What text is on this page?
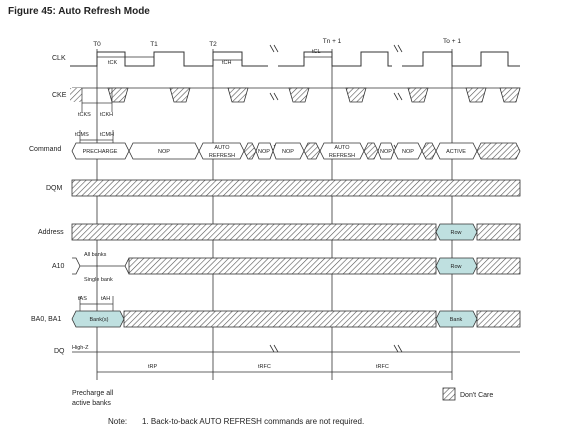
Figure 45: Auto Refresh Mode
T0	T1	T2	Tn + 1	To + 1
CLK
CKE
Command
DQM
Address
A10
BA0, BA1
DQ
tCK	tCH
tCL
tCKS tCKH
tCMS tCMH
tAS	tAH
tRP	tRFC	tRFC
PRECHARGE	NOP
AUTO
REFRESH
NOP NOP
AUTO
REFRESH
NOP NOP	ACTIVE
Row
All banks
Single bank
Row
Bank(s)	Bank
High-Z
Precharge all
active banks
Don't Care
Note: 1. Back-to-back AUTO REFRESH commands are not required.
